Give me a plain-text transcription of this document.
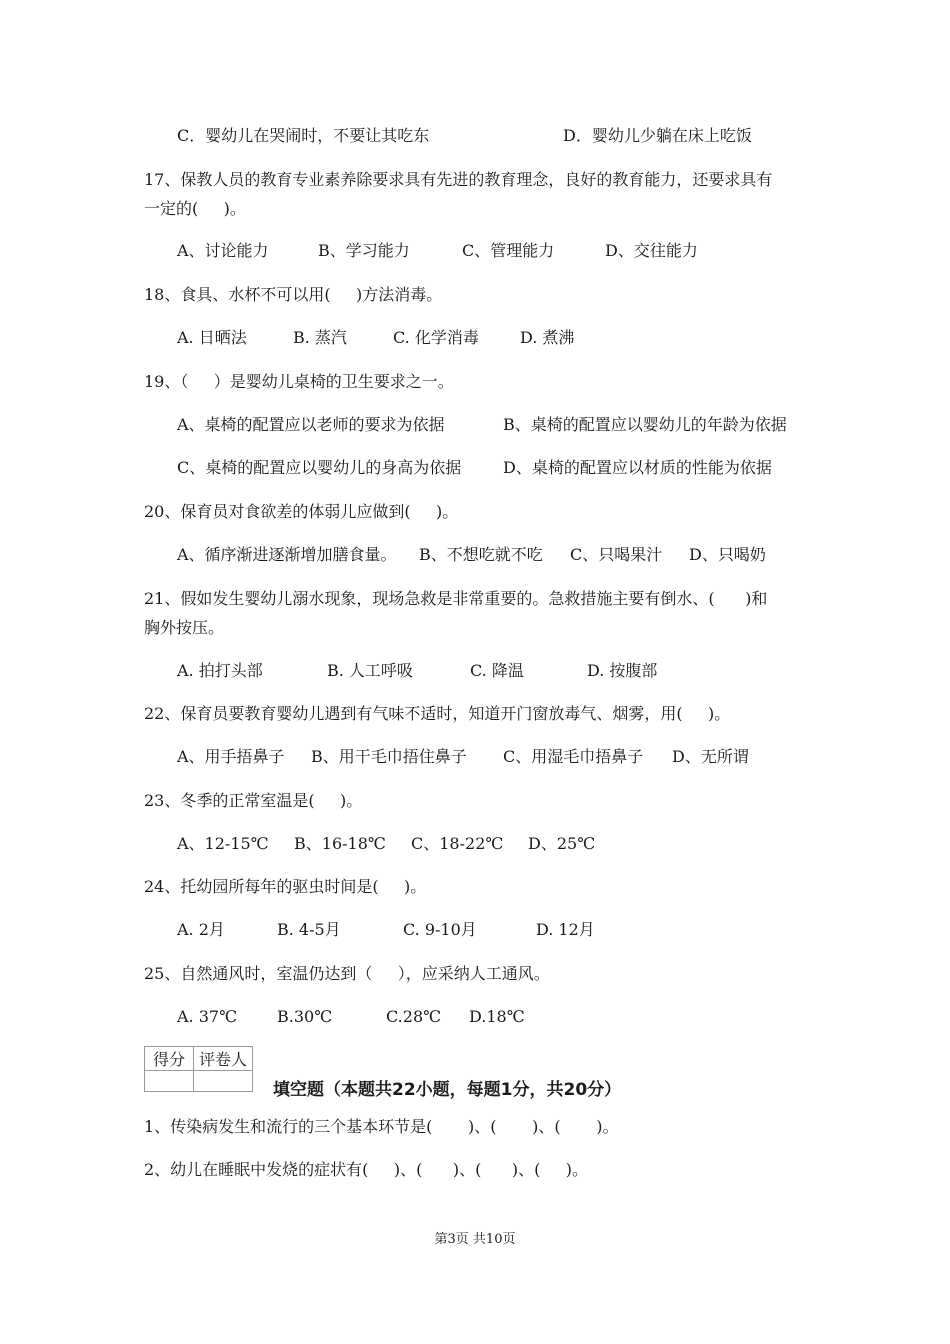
C．婴幼儿在哭闹时，不要让其吃东	D．婴幼儿少躺在床上吃饭
17、保教人员的教育专业素养除要求具有先进的教育理念，良好的教育能力，还要求具有
一定的(     )。
A、讨论能力	B、学习能力	C、管理能力	D、交往能力
18、食具、水杯不可以用(     )方法消毒。
A. 日晒法	B. 蒸汽	C. 化学消毒	D. 煮沸
19、（     ）是婴幼儿桌椅的卫生要求之一。
A、桌椅的配置应以老师的要求为依据	B、桌椅的配置应以婴幼儿的年龄为依据
C、桌椅的配置应以婴幼儿的身高为依据	D、桌椅的配置应以材质的性能为依据
20、保育员对食欲差的体弱儿应做到(     )。
A、循序渐进逐渐增加膳食量。 B、不想吃就不吃 C、只喝果汁 D、只喝奶
21、假如发生婴幼儿溺水现象，现场急救是非常重要的。急救措施主要有倒水、(      )和
胸外按压。
A. 拍打头部	B. 人工呼吸	C. 降温	D. 按腹部
22、保育员要教育婴幼儿遇到有气味不适时，知道开门窗放毒气、烟雾，用(     )。
A、用手捂鼻子 B、用干毛巾捂住鼻子 C、用湿毛巾捂鼻子 D、无所谓
23、冬季的正常室温是(     )。
A、12-15℃ B、16-18℃ C、18-22℃ D、25℃
24、托幼园所每年的驱虫时间是(     )。
A. 2月	B. 4-5月	C. 9-10月	D. 12月
25、自然通风时，室温仍达到（     ），应采纳人工通风。
A. 37℃	B.30℃	C.28℃ D.18℃
得分	评卷人

填空题（本题共22小题，每题1分，共20分）
1、传染病发生和流行的三个基本环节是(       )、(       )、(       )。
2、幼儿在睡眠中发烧的症状有(     )、(      )、(      )、(     )。
第3页 共10页
